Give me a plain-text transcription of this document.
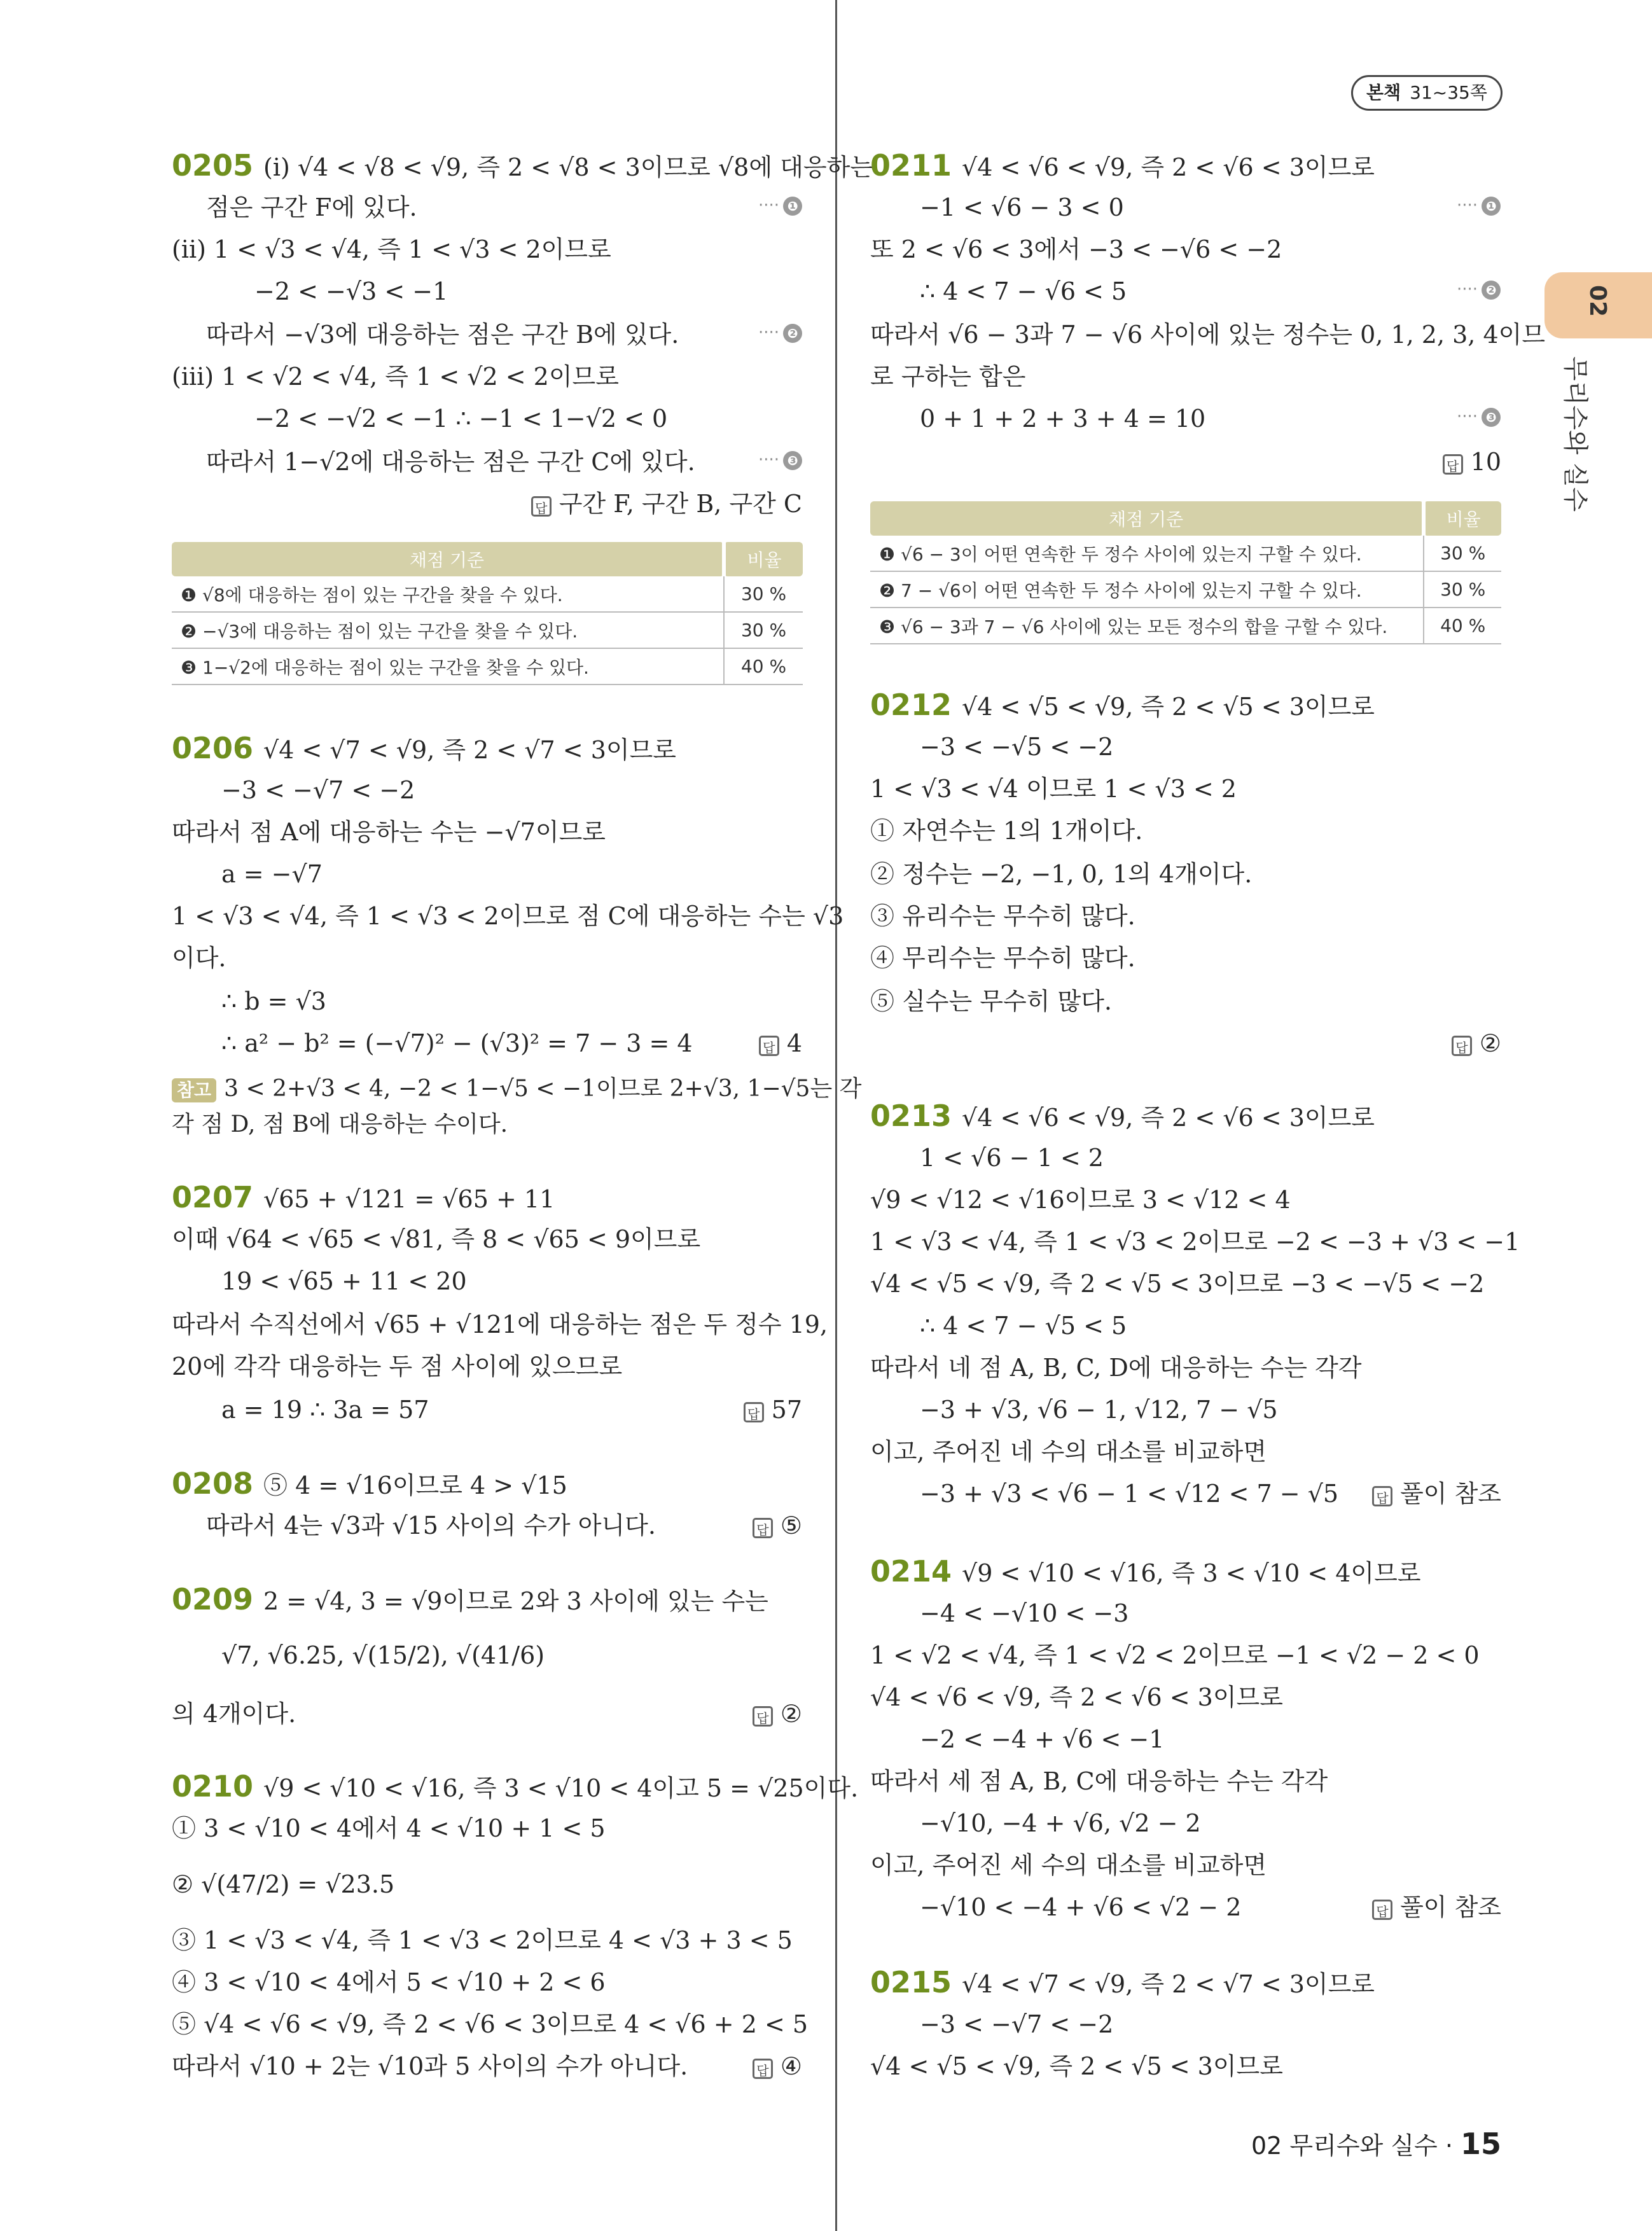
본책 31~35쪽
02
무리수와 실수
0205 (i) √4 < √8 < √9, 즉 2 < √8 < 3이므로 √8에 대응하는
점은 구간 F에 있다.	···· ❶
(ii) 1 < √3 < √4, 즉 1 < √3 < 2이므로
−2 < −√3 < −1
따라서 −√3에 대응하는 점은 구간 B에 있다.	···· ❷
(iii) 1 < √2 < √4, 즉 1 < √2 < 2이므로
−2 < −√2 < −1 ∴ −1 < 1−√2 < 0
따라서 1−√2에 대응하는 점은 구간 C에 있다.	···· ❸
답 구간 F, 구간 B, 구간 C
채점 기준	비율
❶ √8에 대응하는 점이 있는 구간을 찾을 수 있다.	30 %
❷ −√3에 대응하는 점이 있는 구간을 찾을 수 있다.	30 %
❸ 1−√2에 대응하는 점이 있는 구간을 찾을 수 있다.	40 %
0206 √4 < √7 < √9, 즉 2 < √7 < 3이므로
−3 < −√7 < −2
따라서 점 A에 대응하는 수는 −√7이므로
a = −√7
1 < √3 < √4, 즉 1 < √3 < 2이므로 점 C에 대응하는 수는 √3
이다.
∴ b = √3
∴ a² − b² = (−√7)² − (√3)² = 7 − 3 = 4	답 4
참고 3 < 2+√3 < 4, −2 < 1−√5 < −1이므로 2+√3, 1−√5는 각
각 점 D, 점 B에 대응하는 수이다.
0207 √65 + √121 = √65 + 11
이때 √64 < √65 < √81, 즉 8 < √65 < 9이므로
19 < √65 + 11 < 20
따라서 수직선에서 √65 + √121에 대응하는 점은 두 정수 19,
20에 각각 대응하는 두 점 사이에 있으므로
a = 19 ∴ 3a = 57	답 57
0208 ⑤ 4 = √16이므로 4 > √15
따라서 4는 √3과 √15 사이의 수가 아니다.	답 ⑤
0209 2 = √4, 3 = √9이므로 2와 3 사이에 있는 수는
√7, √6.25, √(15/2), √(41/6)
의 4개이다.	답 ②
0210 √9 < √10 < √16, 즉 3 < √10 < 4이고 5 = √25이다.
① 3 < √10 < 4에서 4 < √10 + 1 < 5
② √(47/2) = √23.5
③ 1 < √3 < √4, 즉 1 < √3 < 2이므로 4 < √3 + 3 < 5
④ 3 < √10 < 4에서 5 < √10 + 2 < 6
⑤ √4 < √6 < √9, 즉 2 < √6 < 3이므로 4 < √6 + 2 < 5
따라서 √10 + 2는 √10과 5 사이의 수가 아니다.	답 ④
0211 √4 < √6 < √9, 즉 2 < √6 < 3이므로
−1 < √6 − 3 < 0	···· ❶
또 2 < √6 < 3에서 −3 < −√6 < −2
∴ 4 < 7 − √6 < 5	···· ❷
따라서 √6 − 3과 7 − √6 사이에 있는 정수는 0, 1, 2, 3, 4이므
로 구하는 합은
0 + 1 + 2 + 3 + 4 = 10	···· ❸
답 10
채점 기준	비율
❶ √6 − 3이 어떤 연속한 두 정수 사이에 있는지 구할 수 있다.	30 %
❷ 7 − √6이 어떤 연속한 두 정수 사이에 있는지 구할 수 있다.	30 %
❸ √6 − 3과 7 − √6 사이에 있는 모든 정수의 합을 구할 수 있다.	40 %
0212 √4 < √5 < √9, 즉 2 < √5 < 3이므로
−3 < −√5 < −2
1 < √3 < √4 이므로 1 < √3 < 2
① 자연수는 1의 1개이다.
② 정수는 −2, −1, 0, 1의 4개이다.
③ 유리수는 무수히 많다.
④ 무리수는 무수히 많다.
⑤ 실수는 무수히 많다.
답 ②
0213 √4 < √6 < √9, 즉 2 < √6 < 3이므로
1 < √6 − 1 < 2
√9 < √12 < √16이므로 3 < √12 < 4
1 < √3 < √4, 즉 1 < √3 < 2이므로 −2 < −3 + √3 < −1
√4 < √5 < √9, 즉 2 < √5 < 3이므로 −3 < −√5 < −2
∴ 4 < 7 − √5 < 5
따라서 네 점 A, B, C, D에 대응하는 수는 각각
−3 + √3, √6 − 1, √12, 7 − √5
이고, 주어진 네 수의 대소를 비교하면
−3 + √3 < √6 − 1 < √12 < 7 − √5	답 풀이 참조
0214 √9 < √10 < √16, 즉 3 < √10 < 4이므로
−4 < −√10 < −3
1 < √2 < √4, 즉 1 < √2 < 2이므로 −1 < √2 − 2 < 0
√4 < √6 < √9, 즉 2 < √6 < 3이므로
−2 < −4 + √6 < −1
따라서 세 점 A, B, C에 대응하는 수는 각각
−√10, −4 + √6, √2 − 2
이고, 주어진 세 수의 대소를 비교하면
−√10 < −4 + √6 < √2 − 2	답 풀이 참조
0215 √4 < √7 < √9, 즉 2 < √7 < 3이므로
−3 < −√7 < −2
√4 < √5 < √9, 즉 2 < √5 < 3이므로
02 무리수와 실수 · 15
